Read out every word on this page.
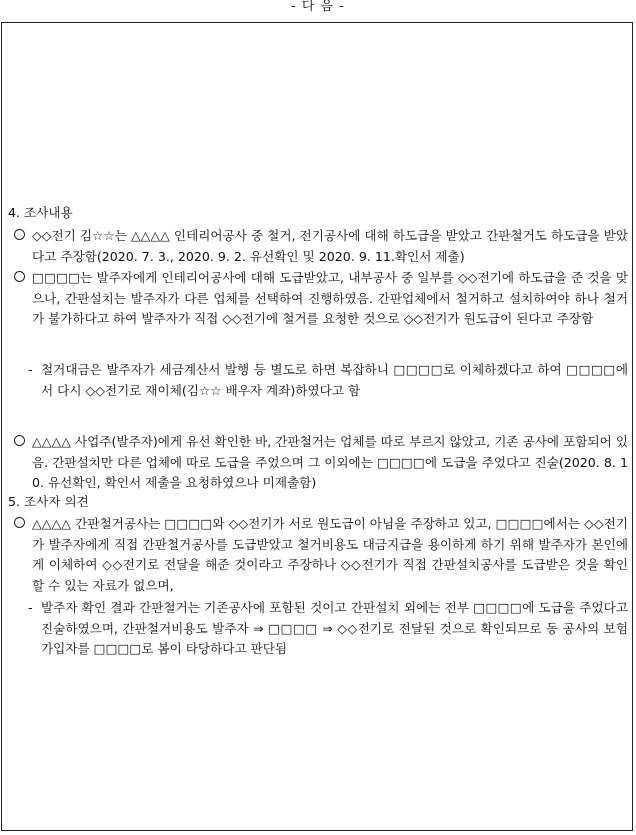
- 다 음 -
4. 조사내용

◇◇전기 김☆☆는 △△△△ 인테리어공사 중 철거, 전기공사에 대해 하도급을 받았고 간판철거도 하도급을 받았다고 주장함(2020. 7. 3., 2020. 9. 2. 유선확인 및 2020. 9. 11.확인서 제출)

□□□□는 발주자에게 인테리어공사에 대해 도급받았고, 내부공사 중 일부를 ◇◇전기에 하도급을 준 것을 맞으나, 간판설치는 발주자가 다른 업체를 선택하여 진행하였음. 간판업체에서 철거하고 설치하여야 하나 철거가 불가하다고 하여 발주자가 직접 ◇◇전기에 철거를 요청한 것으로 ◇◇전기가 원도급이 된다고 주장함

- 철거대금은 발주자가 세금계산서 발행 등 별도로 하면 복잡하니 □□□□로 이체하겠다고 하여 □□□□에서 다시 ◇◇전기로 재이체(김☆☆ 배우자 계좌)하였다고 함

△△△△ 사업주(발주자)에게 유선 확인한 바, 간판철거는 업체를 따로 부르지 않았고, 기존 공사에 포함되어 있음. 간판설치만 다른 업체에 따로 도급을 주었으며 그 이외에는 □□□□에 도급을 주었다고 진술(2020. 8. 10. 유선확인, 확인서 제출을 요청하였으나 미제출함)

5. 조사자 의견

△△△△ 간판철거공사는 □□□□와 ◇◇전기가 서로 원도급이 아님을 주장하고 있고, □□□□에서는 ◇◇전기가 발주자에게 직접 간판철거공사를 도급받았고 철거비용도 대금지급을 용이하게 하기 위해 발주자가 본인에게 이체하여 ◇◇전기로 전달을 해준 것이라고 주장하나 ◇◇전기가 직접 간판설치공사를 도급받은 것을 확인할 수 있는 자료가 없으며,

- 발주자 확인 결과 간판철거는 기존공사에 포함된 것이고 간판설치 외에는 전부 □□□□에 도급을 주었다고 진술하였으며, 간판철거비용도 발주자 ⇒ □□□□ ⇒ ◇◇전기로 전달된 것으로 확인되므로 동 공사의 보험가입자를 □□□□로 봄이 타당하다고 판단됨
